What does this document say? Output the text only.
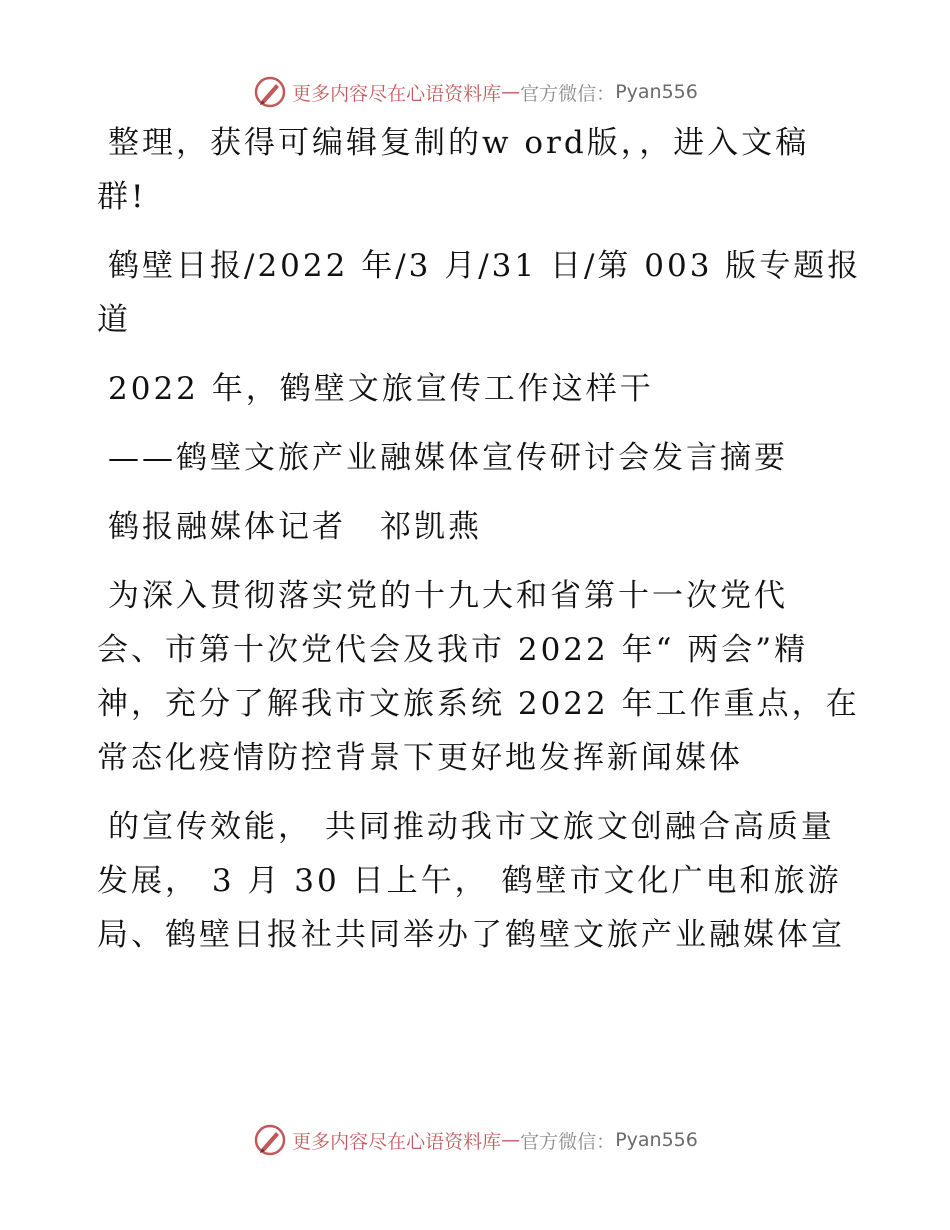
更多内容尽在心语资料库 — 官方微信： Pyan556

整理，获得可编辑复制的w ord版，，进入文稿
群!

鹤壁日报/2022 年/3 月/31 日/第 003 版专题报
道

2022 年，鹤壁文旅宣传工作这样干

——鹤壁文旅产业融媒体宣传研讨会发言摘要

鹤报融媒体记者　祁凯燕

为深入贯彻落实党的十九大和省第十一次党代
会、市第十次党代会及我市 2022 年“ 两会”精
神，充分了解我市文旅系统 2022 年工作重点，在
常态化疫情防控背景下更好地发挥新闻媒体

的宣传效能， 共同推动我市文旅文创融合高质量
发展， 3 月 30 日上午， 鹤壁市文化广电和旅游
局、鹤壁日报社共同举办了鹤壁文旅产业融媒体宣

更多内容尽在心语资料库 — 官方微信： Pyan556
